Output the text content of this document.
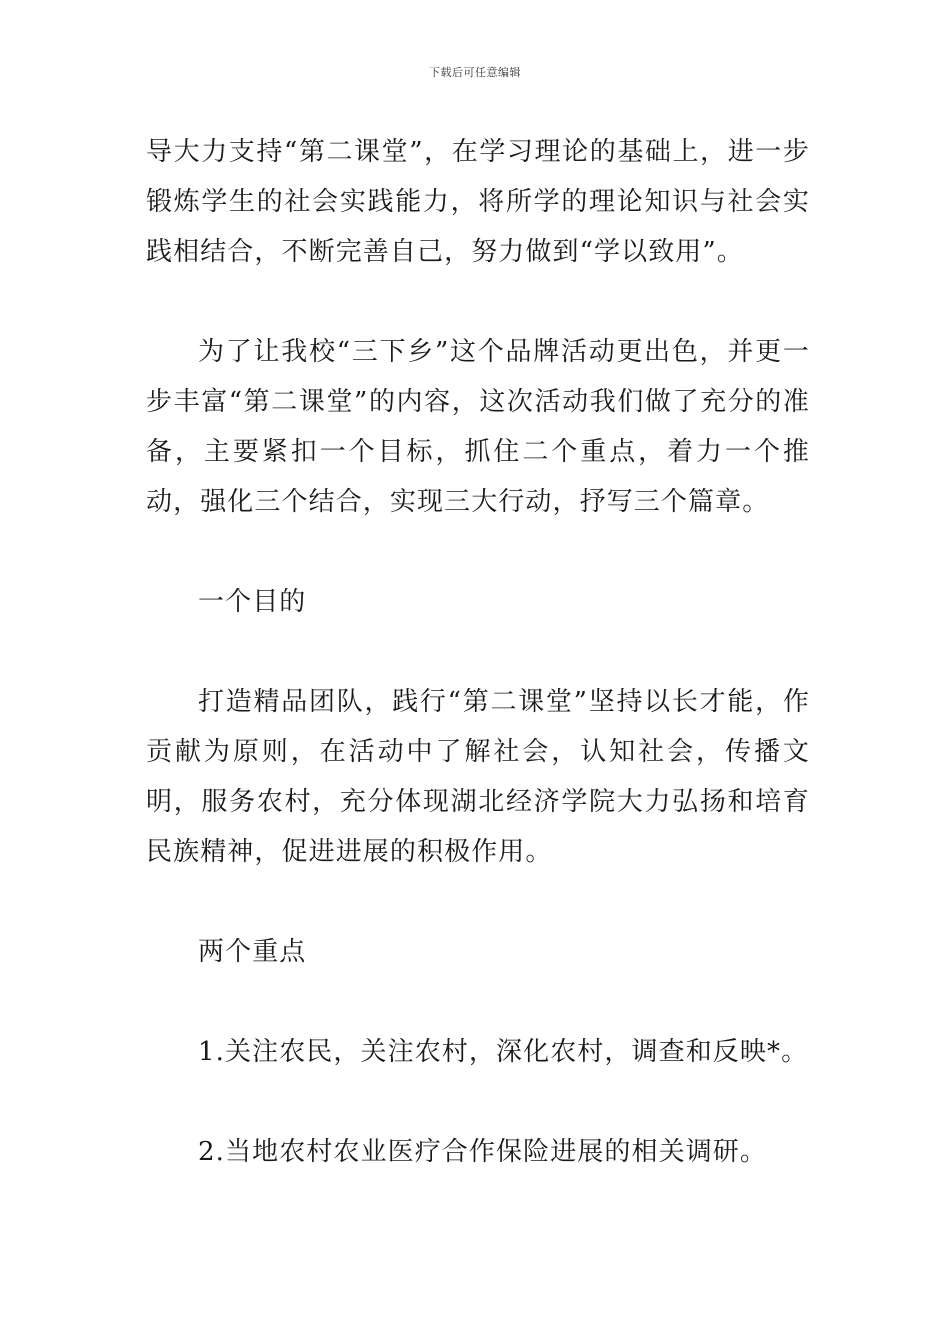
下载后可任意编辑

导大力支持“第二课堂”，在学习理论的基础上，进一步锻炼学生的社会实践能力，将所学的理论知识与社会实践相结合，不断完善自己，努力做到“学以致用”。

为了让我校“三下乡”这个品牌活动更出色，并更一步丰富“第二课堂”的内容，这次活动我们做了充分的准备，主要紧扣一个目标，抓住二个重点，着力一个推动，强化三个结合，实现三大行动，抒写三个篇章。

一个目的

打造精品团队，践行“第二课堂”坚持以长才能，作贡献为原则，在活动中了解社会，认知社会，传播文明，服务农村，充分体现湖北经济学院大力弘扬和培育民族精神，促进进展的积极作用。

两个重点

1.关注农民，关注农村，深化农村，调查和反映*。

2.当地农村农业医疗合作保险进展的相关调研。
